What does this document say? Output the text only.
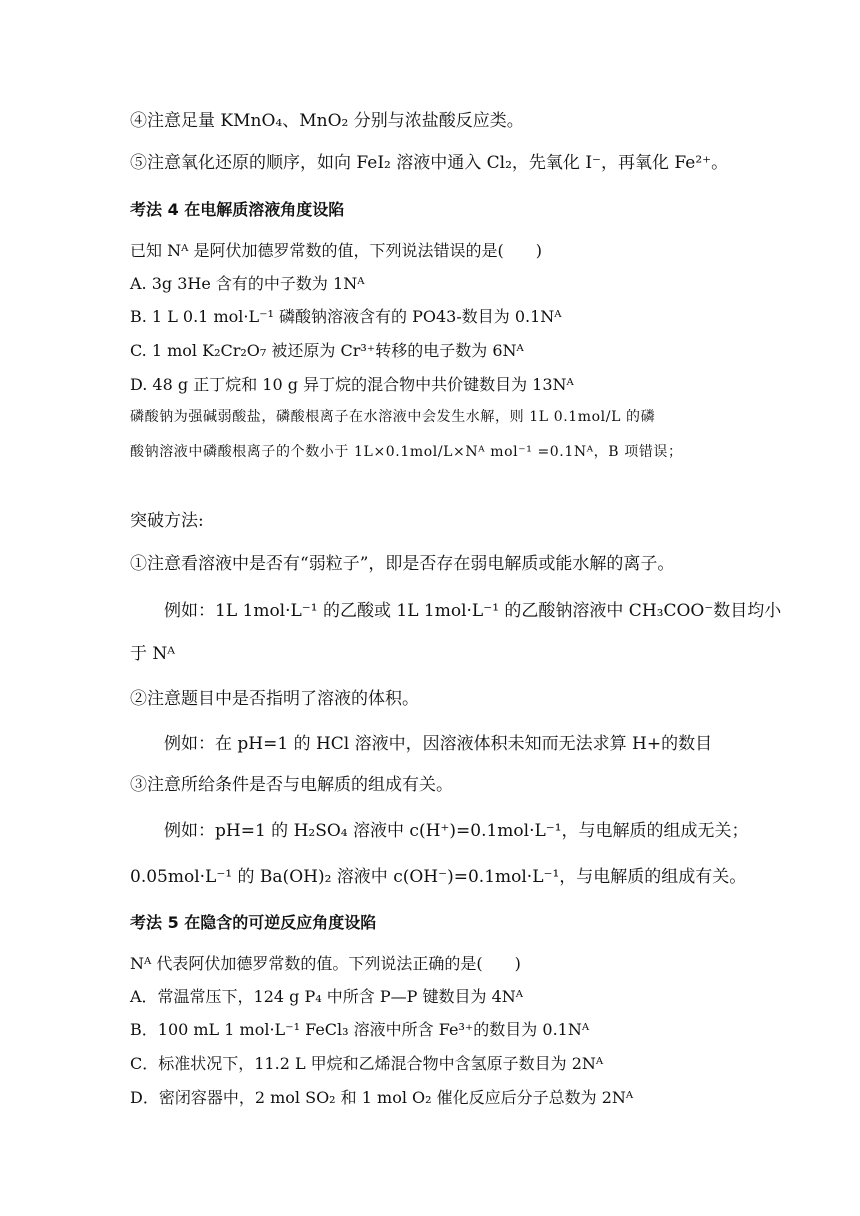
④注意足量 KMnO₄、MnO₂ 分别与浓盐酸反应类。
⑤注意氧化还原的顺序，如向 FeI₂ 溶液中通入 Cl₂，先氧化 I⁻，再氧化 Fe²⁺。
考法 4 在电解质溶液角度设陷
已知 Nᴬ 是阿伏加德罗常数的值，下列说法错误的是(　　)
A. 3g 3He 含有的中子数为 1Nᴬ
B. 1 L 0.1 mol·L⁻¹ 磷酸钠溶液含有的 PO43-数目为 0.1Nᴬ
C. 1 mol K₂Cr₂O₇ 被还原为 Cr³⁺转移的电子数为 6Nᴬ
D. 48 g 正丁烷和 10 g 异丁烷的混合物中共价键数目为 13Nᴬ
磷酸钠为强碱弱酸盐，磷酸根离子在水溶液中会发生水解，则 1L 0.1mol/L 的磷
酸钠溶液中磷酸根离子的个数小于 1L×0.1mol/L×Nᴬ mol⁻¹ =0.1Nᴬ，B 项错误；
突破方法:
①注意看溶液中是否有“弱粒子”，即是否存在弱电解质或能水解的离子。
例如：1L 1mol·L⁻¹ 的乙酸或 1L 1mol·L⁻¹ 的乙酸钠溶液中 CH₃COO⁻数目均小
于 Nᴬ
②注意题目中是否指明了溶液的体积。
例如：在 pH=1 的 HCl 溶液中，因溶液体积未知而无法求算 H+的数目
③注意所给条件是否与电解质的组成有关。
例如：pH=1 的 H₂SO₄ 溶液中 c(H⁺)=0.1mol·L⁻¹，与电解质的组成无关；
0.05mol·L⁻¹ 的 Ba(OH)₂ 溶液中 c(OH⁻)=0.1mol·L⁻¹，与电解质的组成有关。
考法 5 在隐含的可逆反应角度设陷
Nᴬ 代表阿伏加德罗常数的值。下列说法正确的是(　　)
A．常温常压下，124 g P₄ 中所含 P—P 键数目为 4Nᴬ
B．100 mL 1 mol·L⁻¹ FeCl₃ 溶液中所含 Fe³⁺的数目为 0.1Nᴬ
C．标准状况下，11.2 L 甲烷和乙烯混合物中含氢原子数目为 2Nᴬ
D．密闭容器中，2 mol SO₂ 和 1 mol O₂ 催化反应后分子总数为 2Nᴬ
